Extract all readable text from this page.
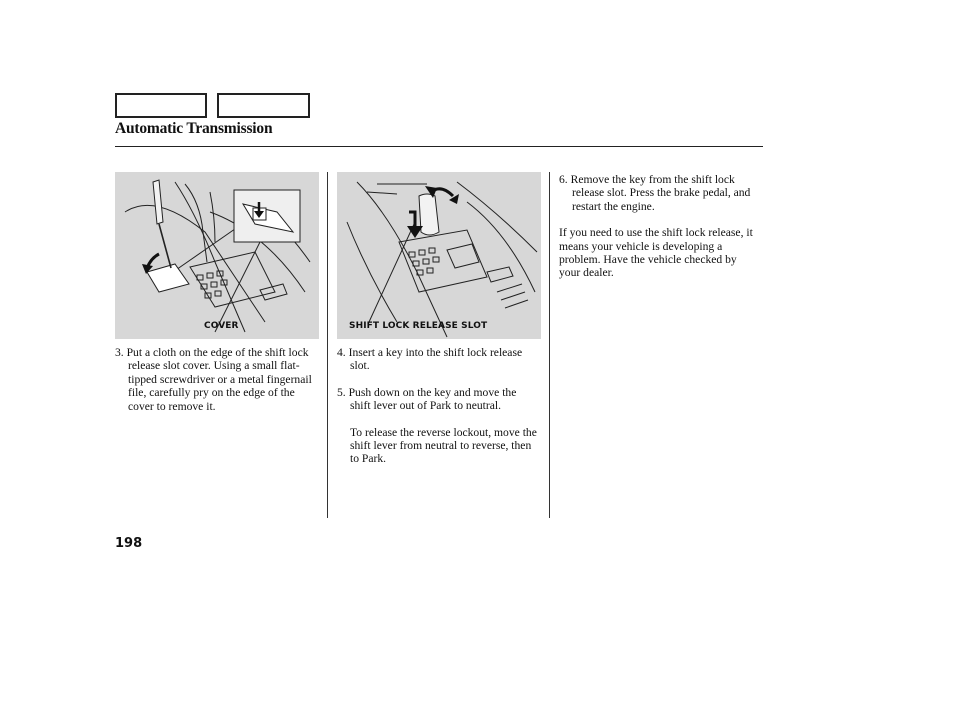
Automatic Transmission
COVER	SHIFT LOCK RELEASE SLOT
3. Put a cloth on the edge of the shift lock release slot cover. Using a small flat-tipped screwdriver or a metal fingernail file, carefully pry on the edge of the cover to remove it.
4. Insert a key into the shift lock release slot.
5. Push down on the key and move the shift lever out of Park to neutral.
To release the reverse lockout, move the shift lever from neutral to reverse, then to Park.
6. Remove the key from the shift lock release slot. Press the brake pedal, and restart the engine.
If you need to use the shift lock release, it means your vehicle is developing a problem. Have the vehicle checked by your dealer.
198
